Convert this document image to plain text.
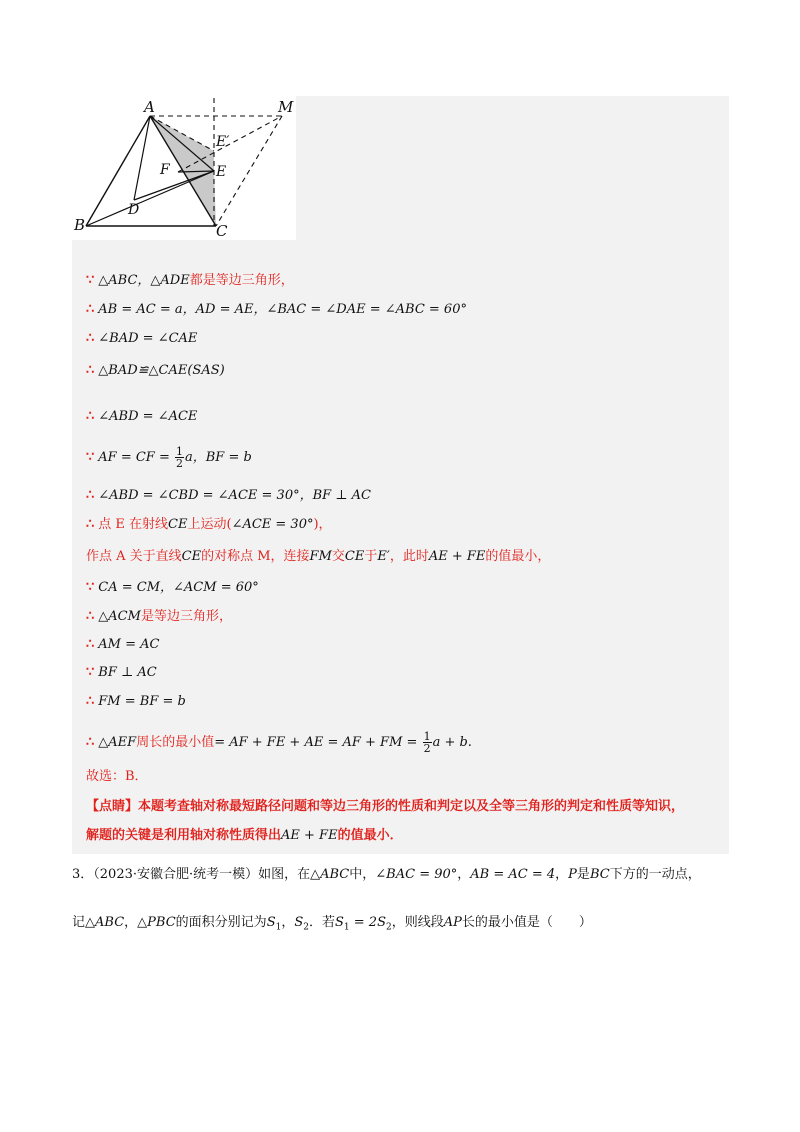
A	M
E′
F	E
D
B	C
∵ △ABC，△ADE都是等边三角形，
∴ AB = AC = a，AD = AE，∠BAC = ∠DAE = ∠ABC = 60°
∴ ∠BAD = ∠CAE
∴ △BAD≌△CAE(SAS)
∴ ∠ABD = ∠ACE
∵ AF = CF = $\frac{1}{2}$ a，BF = b
∴ ∠ABD = ∠CBD = ∠ACE = 30°，BF ⊥ AC
∴ 点 E 在射线CE上运动(∠ACE = 30°)，
作点 A 关于直线CE的对称点 M，连接FM交CE于E′，此时AE + FE的值最小，
∵ CA = CM，∠ACM = 60°
∴ △ACM是等边三角形，
∴ AM = AC
∵ BF ⊥ AC
∴ FM = BF = b
∴ △AEF周长的最小值= AF + FE + AE = AF + FM = $\frac{1}{2}$ a + b.
故选：B．
【点睛】本题考查轴对称最短路径问题和等边三角形的性质和判定以及全等三角形的判定和性质等知识，
解题的关键是利用轴对称性质得出AE + FE的值最小．
3．（2023·安徽合肥·统考一模）如图，在△ABC中，∠BAC = 90°，AB = AC = 4，P是BC下方的一动点，
记△ABC，△PBC的面积分别记为$S_1$，$S_2$．若$S_1 = 2S_2$，则线段AP长的最小值是（　　）
